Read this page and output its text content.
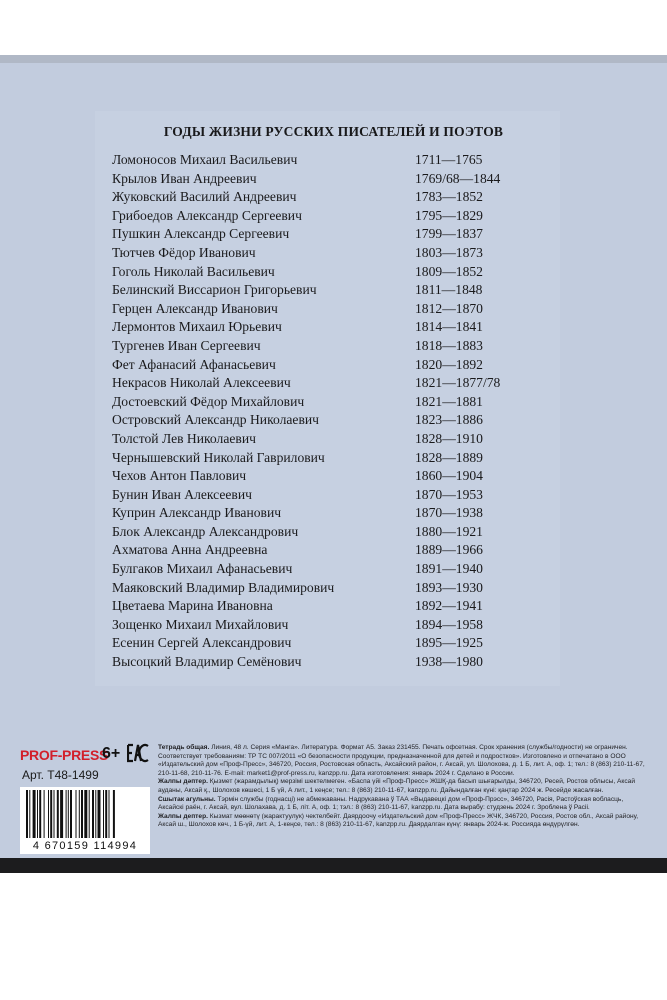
ГОДЫ ЖИЗНИ РУССКИХ ПИСАТЕЛЕЙ И ПОЭТОВ
Ломоносов Михаил Васильевич	1711—1765
Крылов Иван Андреевич	1769/68—1844
Жуковский Василий Андреевич	1783—1852
Грибоедов Александр Сергеевич	1795—1829
Пушкин Александр Сергеевич	1799—1837
Тютчев Фёдор Иванович	1803—1873
Гоголь Николай Васильевич	1809—1852
Белинский Виссарион Григорьевич	1811—1848
Герцен Александр Иванович	1812—1870
Лермонтов Михаил Юрьевич	1814—1841
Тургенев Иван Сергеевич	1818—1883
Фет Афанасий Афанасьевич	1820—1892
Некрасов Николай Алексеевич	1821—1877/78
Достоевский Фёдор Михайлович	1821—1881
Островский Александр Николаевич	1823—1886
Толстой Лев Николаевич	1828—1910
Чернышевский Николай Гаврилович	1828—1889
Чехов Антон Павлович	1860—1904
Бунин Иван Алексеевич	1870—1953
Куприн Александр Иванович	1870—1938
Блок Александр Александрович	1880—1921
Ахматова Анна Андреевна	1889—1966
Булгаков Михаил Афанасьевич	1891—1940
Маяковский Владимир Владимирович	1893—1930
Цветаева Марина Ивановна	1892—1941
Зощенко Михаил Михайлович	1894—1958
Есенин Сергей Александрович	1895—1925
Высоцкий Владимир Семёнович	1938—1980
PROF-PRESS
6+
Арт. Т48-1499
4 670159 114994

Тетрадь общая. Линия, 48 л. Серия «Манга». Литература. Формат А5. Заказ 231455. Печать офсетная. Срок хранения (службы/годности) не ограничен. Соответствует требованиям: ТР ТС 007/2011 «О безопасности продукции, предназначенной для детей и подростков». Изготовлено и отпечатано в ООО «Издательский дом «Проф-Пресс», 346720, Россия, Ростовская область, Аксайский район, г. Аксай, ул. Шолохова, д. 1 Б, лит. А, оф. 1; тел.: 8 (863) 210-11-67, 210-11-68, 210-11-76. E-mail: market1@prof-press.ru, kanzpp.ru. Дата изготовления: январь 2024 г. Сделано в России.

Жалпы дәптер. Қызмет (жарамдылық) мерзімі шектелмеген. «Баспа үйі «Проф-Пресс» ЖШҚ-да басып шығарылды, 346720, Ресей, Ростов облысы, Аксай ауданы, Аксай қ., Шолохов көшесі, 1 Б үй, А лит., 1 кеңсе; тел.: 8 (863) 210-11-67, kanzpp.ru. Дайындалған күні: қаңтар 2024 ж. Ресейде жасалған.

Сшытак агульны. Тэрмін службы (годнасці) не абмежаваны. Надрукавана ў ТАА «Выдавецкі дом «Проф-Прэсс», 346720, Расія, Растоўская вобласць, Аксайскі раён, г. Аксай, вул. Шолахава, д. 1 Б, літ. А, оф. 1; тэл.: 8 (863) 210-11-67, kanzpp.ru. Дата вырабу: студзень 2024 г. Зроблена ў Расіі.

Жалпы дептер. Кызмат мөөнөтү (жарактуулук) чектелбейт. Даярдоочу «Издательский дом «Проф-Пресс» ЖЧК, 346720, Россия, Ростов обл., Аксай району, Аксай ш., Шолохов көч., 1 Б-үй, лит. А, 1-кеңсе, тел.: 8 (863) 210-11-67, kanzpp.ru. Даярдалган күнү: январь 2024-ж. Россияда өндүрүлгөн.
